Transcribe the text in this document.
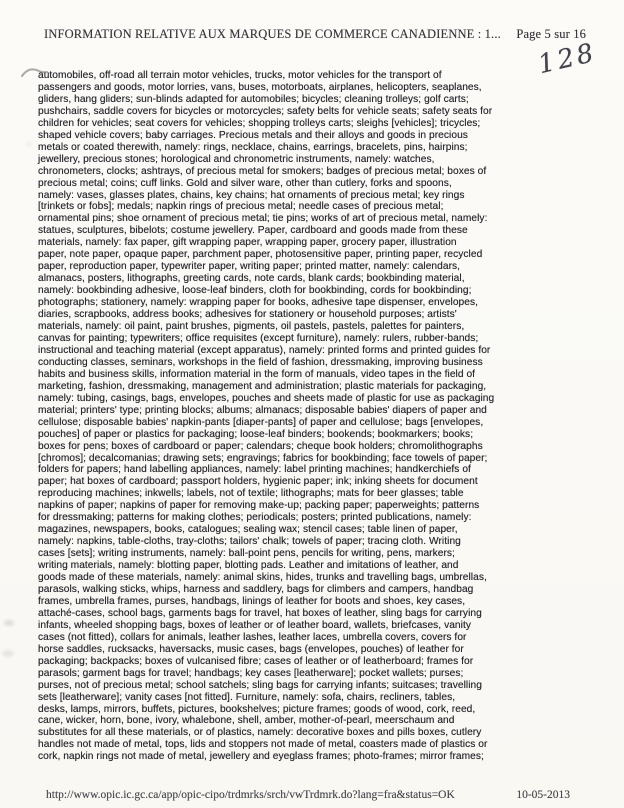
INFORMATION RELATIVE AUX MARQUES DE COMMERCE CANADIENNE : 1... Page 5 sur 16
128
automobiles, off-road all terrain motor vehicles, trucks, motor vehicles for the transport of
passengers and goods, motor lorries, vans, buses, motorboats, airplanes, helicopters, seaplanes,
gliders, hang gliders; sun-blinds adapted for automobiles; bicycles; cleaning trolleys; golf carts;
pushchairs, saddle covers for bicycles or motorcycles; safety belts for vehicle seats; safety seats for
children for vehicles; seat covers for vehicles; shopping trolleys carts; sleighs [vehicles]; tricycles;
shaped vehicle covers; baby carriages. Precious metals and their alloys and goods in precious
metals or coated therewith, namely: rings, necklace, chains, earrings, bracelets, pins, hairpins;
jewellery, precious stones; horological and chronometric instruments, namely: watches,
chronometers, clocks; ashtrays, of precious metal for smokers; badges of precious metal; boxes of
precious metal; coins; cuff links. Gold and silver ware, other than cutlery, forks and spoons,
namely: vases, glasses plates, chains, key chains; hat ornaments of precious metal; key rings
[trinkets or fobs]; medals; napkin rings of precious metal; needle cases of precious metal;
ornamental pins; shoe ornament of precious metal; tie pins; works of art of precious metal, namely:
statues, sculptures, bibelots; costume jewellery. Paper, cardboard and goods made from these
materials, namely: fax paper, gift wrapping paper, wrapping paper, grocery paper, illustration
paper, note paper, opaque paper, parchment paper, photosensitive paper, printing paper, recycled
paper, reproduction paper, typewriter paper, writing paper; printed matter, namely: calendars,
almanacs, posters, lithographs, greeting cards, note cards, blank cards; bookbinding material,
namely: bookbinding adhesive, loose-leaf binders, cloth for bookbinding, cords for bookbinding;
photographs; stationery, namely: wrapping paper for books, adhesive tape dispenser, envelopes,
diaries, scrapbooks, address books; adhesives for stationery or household purposes; artists'
materials, namely: oil paint, paint brushes, pigments, oil pastels, pastels, palettes for painters,
canvas for painting; typewriters; office requisites (except furniture), namely: rulers, rubber-bands;
instructional and teaching material (except apparatus), namely: printed forms and printed guides for
conducting classes, seminars, workshops in the field of fashion, dressmaking, improving business
habits and business skills, information material in the form of manuals, video tapes in the field of
marketing, fashion, dressmaking, management and administration; plastic materials for packaging,
namely: tubing, casings, bags, envelopes, pouches and sheets made of plastic for use as packaging
material; printers' type; printing blocks; albums; almanacs; disposable babies' diapers of paper and
cellulose; disposable babies' napkin-pants [diaper-pants] of paper and cellulose; bags [envelopes,
pouches] of paper or plastics for packaging; loose-leaf binders; bookends; bookmarkers; books;
boxes for pens; boxes of cardboard or paper; calendars; cheque book holders; chromolithographs
[chromos]; decalcomanias; drawing sets; engravings; fabrics for bookbinding; face towels of paper;
folders for papers; hand labelling appliances, namely: label printing machines; handkerchiefs of
paper; hat boxes of cardboard; passport holders, hygienic paper; ink; inking sheets for document
reproducing machines; inkwells; labels, not of textile; lithographs; mats for beer glasses; table
napkins of paper; napkins of paper for removing make-up; packing paper; paperweights; patterns
for dressmaking; patterns for making clothes; periodicals; posters; printed publications, namely:
magazines, newspapers, books, catalogues; sealing wax; stencil cases; table linen of paper,
namely: napkins, table-cloths, tray-cloths; tailors' chalk; towels of paper; tracing cloth. Writing
cases [sets]; writing instruments, namely: ball-point pens, pencils for writing, pens, markers;
writing materials, namely: blotting paper, blotting pads. Leather and imitations of leather, and
goods made of these materials, namely: animal skins, hides, trunks and travelling bags, umbrellas,
parasols, walking sticks, whips, harness and saddlery, bags for climbers and campers, handbag
frames, umbrella frames, purses, handbags, linings of leather for boots and shoes, key cases,
attaché-cases, school bags, garments bags for travel, hat boxes of leather, sling bags for carrying
infants, wheeled shopping bags, boxes of leather or of leather board, wallets, briefcases, vanity
cases (not fitted), collars for animals, leather lashes, leather laces, umbrella covers, covers for
horse saddles, rucksacks, haversacks, music cases, bags (envelopes, pouches) of leather for
packaging; backpacks; boxes of vulcanised fibre; cases of leather or of leatherboard; frames for
parasols; garment bags for travel; handbags; key cases [leatherware]; pocket wallets; purses;
purses, not of precious metal; school satchels; sling bags for carrying infants; suitcases; travelling
sets [leatherware]; vanity cases [not fitted]. Furniture, namely: sofa, chairs, recliners, tables,
desks, lamps, mirrors, buffets, pictures, bookshelves; picture frames; goods of wood, cork, reed,
cane, wicker, horn, bone, ivory, whalebone, shell, amber, mother-of-pearl, meerschaum and
substitutes for all these materials, or of plastics, namely: decorative boxes and pills boxes, cutlery
handles not made of metal, tops, lids and stoppers not made of metal, coasters made of plastics or
cork, napkin rings not made of metal, jewellery and eyeglass frames; photo-frames; mirror frames;
http://www.opic.ic.gc.ca/app/opic-cipo/trdmrks/srch/vwTrdmrk.do?lang=fra&status=OK	10-05-2013
